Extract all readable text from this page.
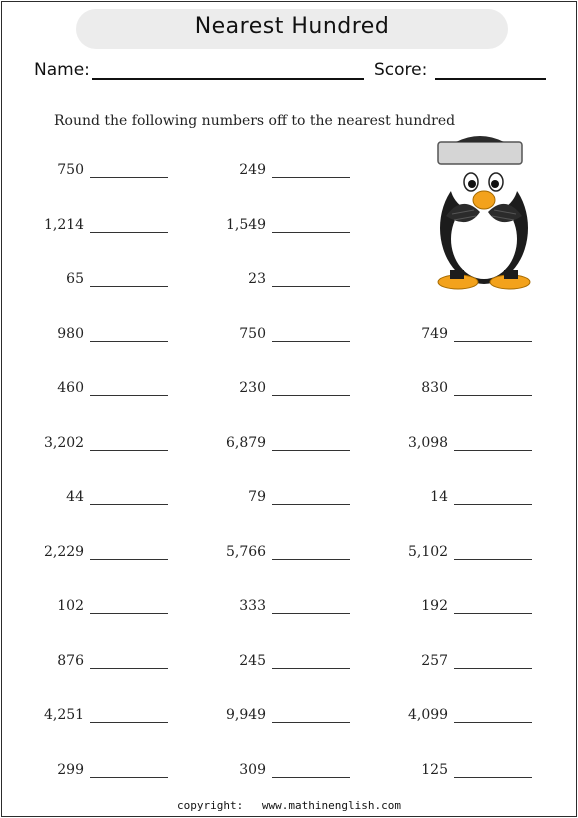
Nearest Hundred
Name:	Score:
Round the following numbers off to the nearest hundred
750	249
1,214	1,549
65	23
980	750	749
460	230	830
3,202	6,879	3,098
44	79	14
2,229	5,766	5,102
102	333	192
876	245	257
4,251	9,949	4,099
299	309	125
copyright: www.mathinenglish.com
